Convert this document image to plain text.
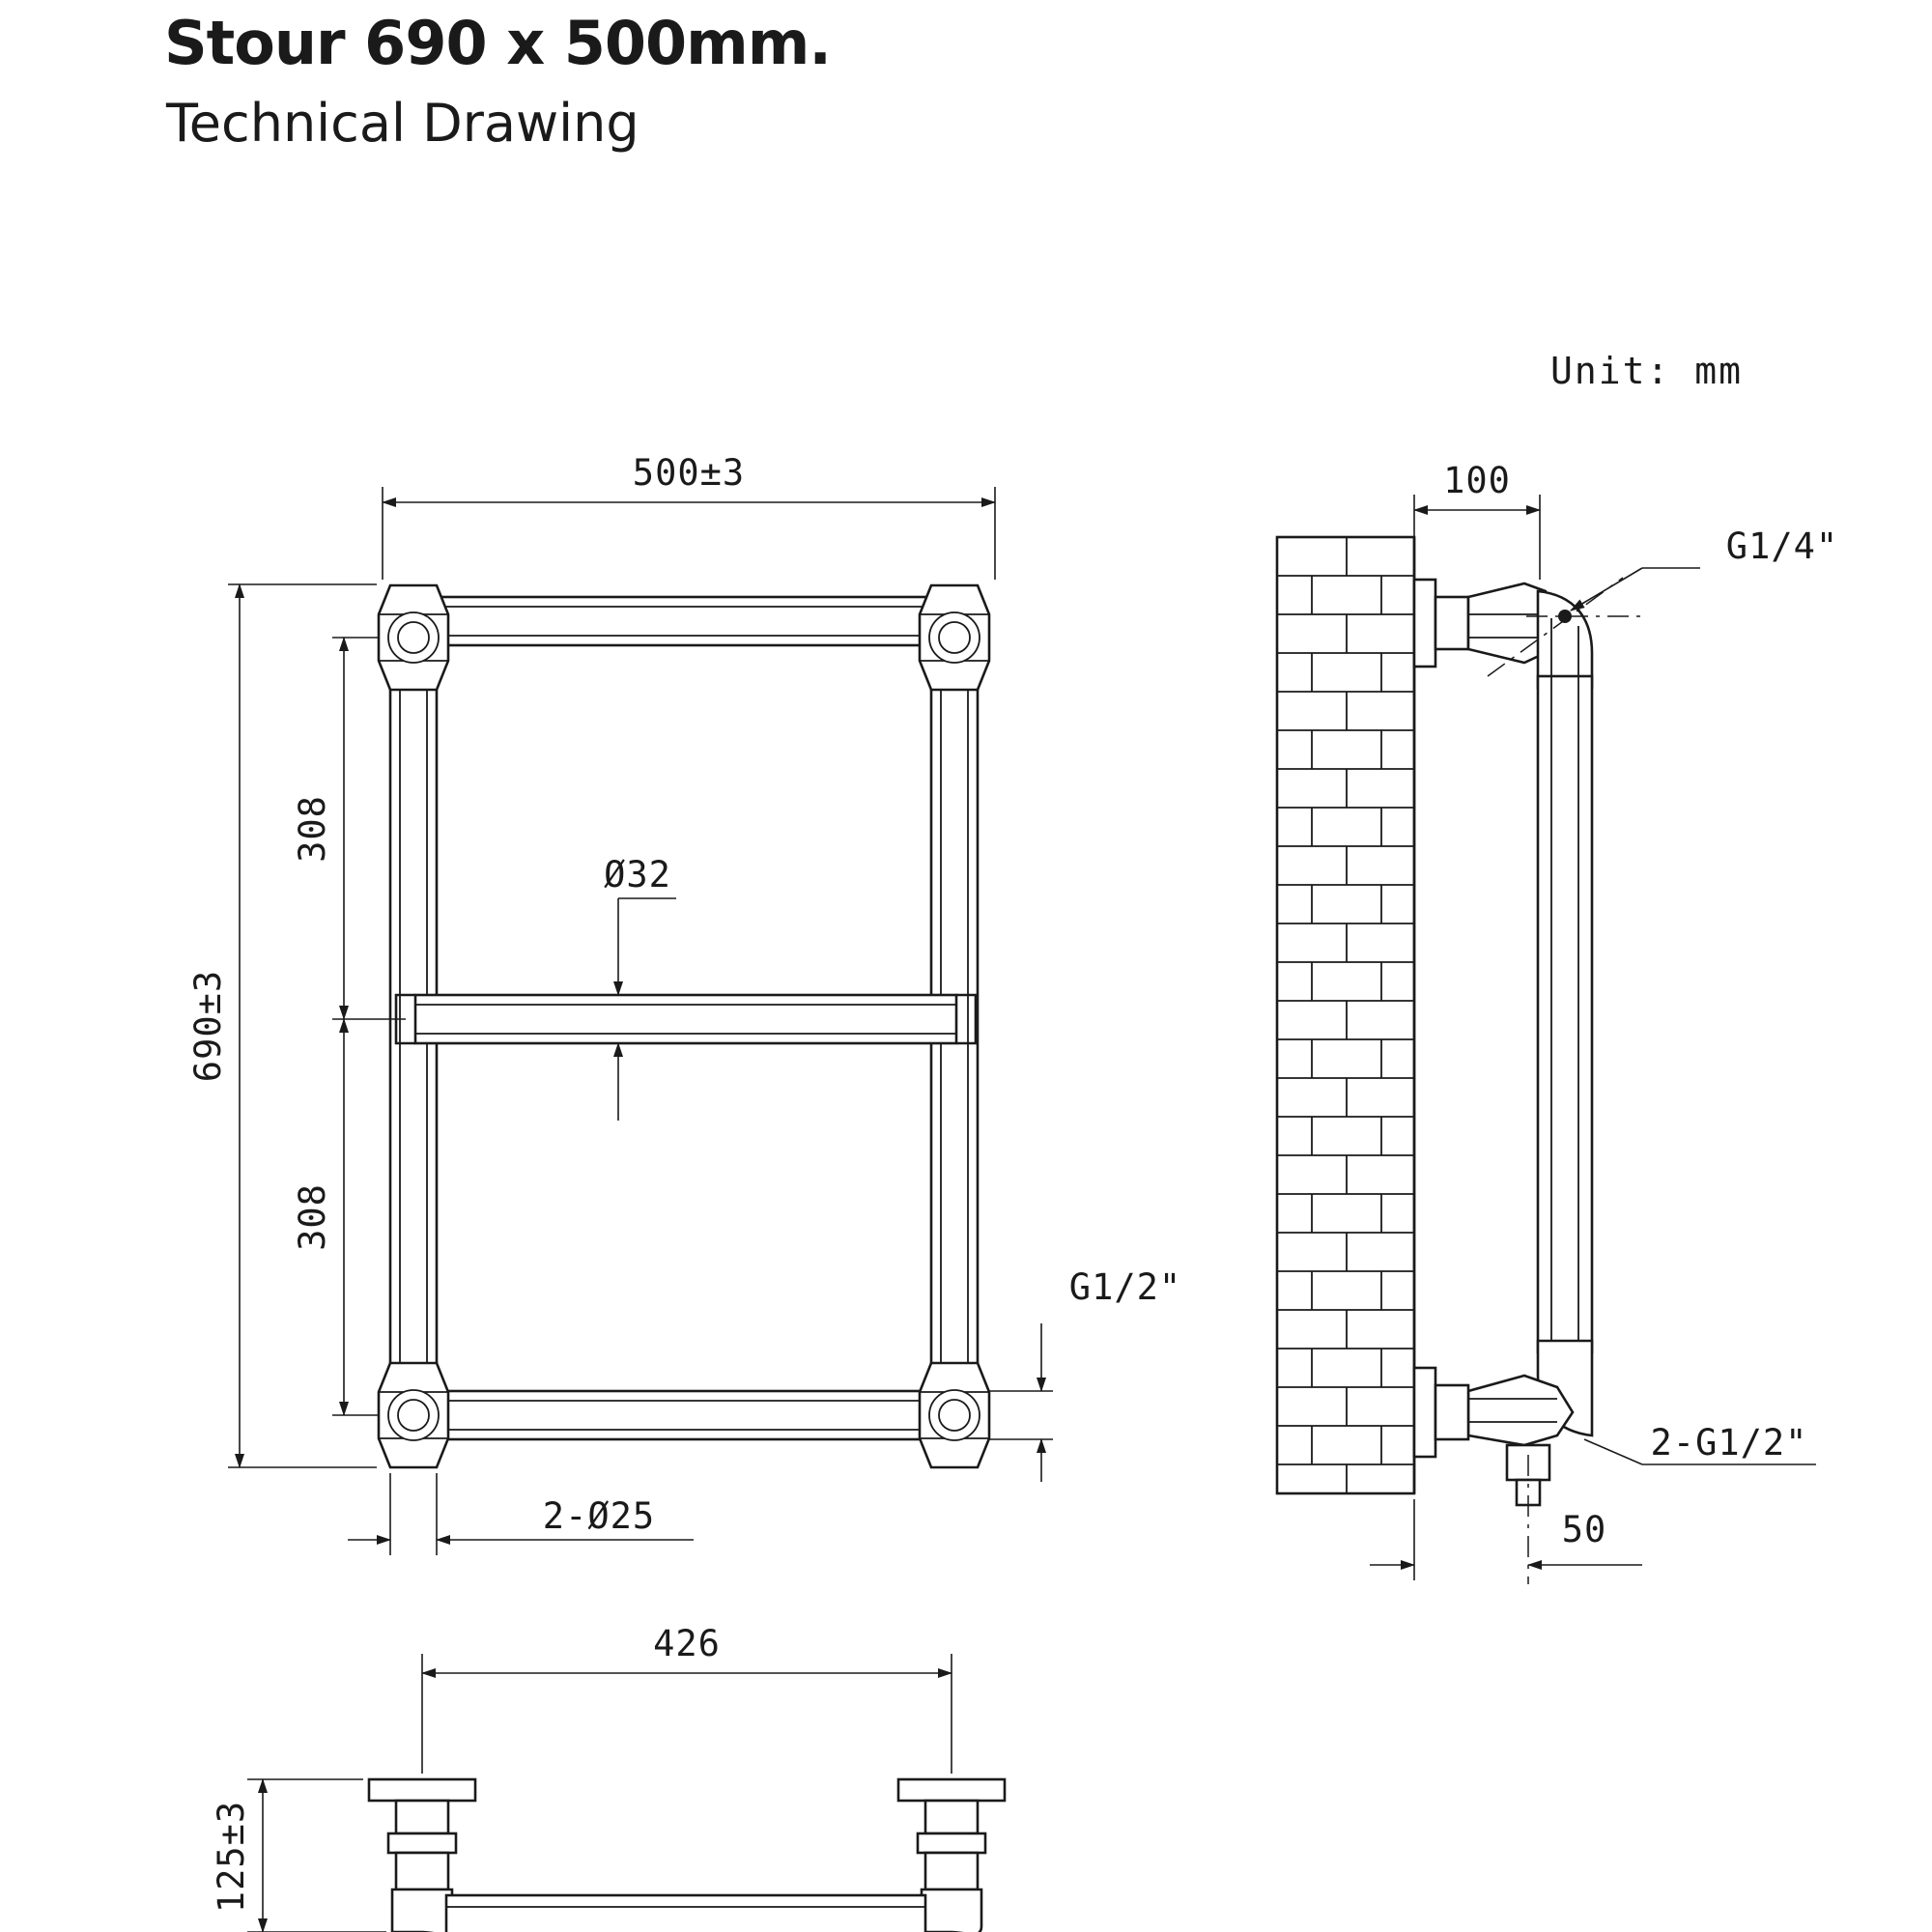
Stour 690 x 500mm.
Technical Drawing
Unit: mm
500±3
690±3
308
308
Ø32
2-Ø25
G1/2"
100
G1/4"
2-G1/2"
50
426
125±3
